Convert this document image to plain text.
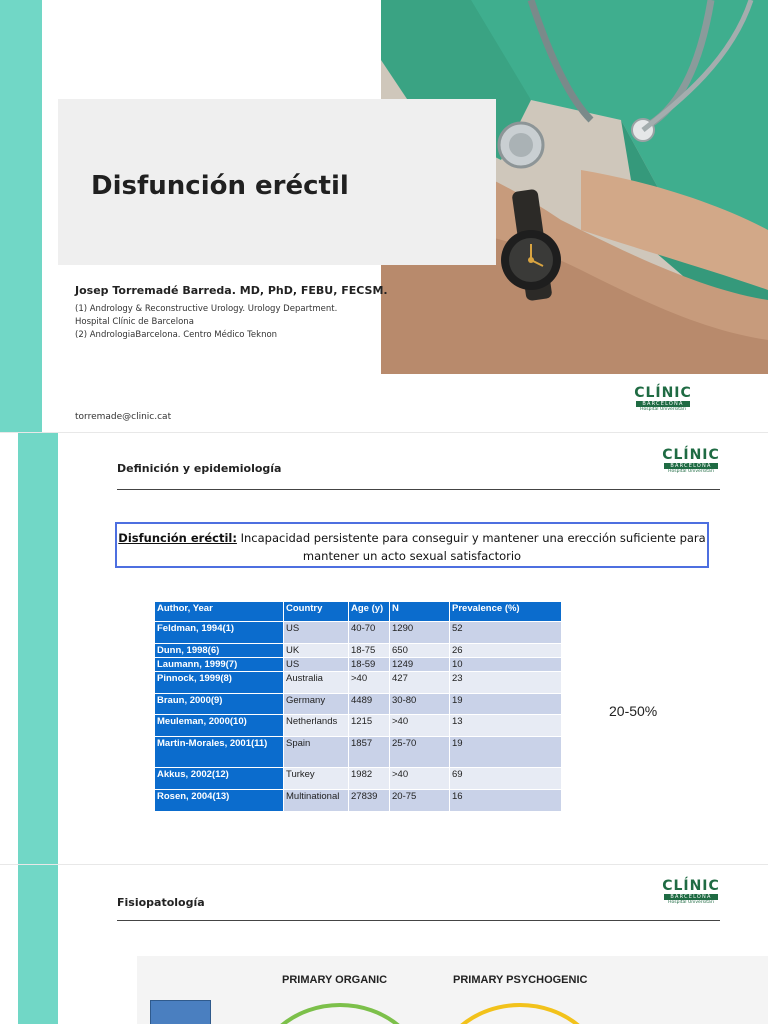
Disfunción eréctil
Josep Torremadé Barreda. MD, PhD, FEBU, FECSM.
(1) Andrology & Reconstructive Urology. Urology Department.
Hospital Clínic de Barcelona
(2) AndrologiaBarcelona. Centro Médico Teknon
torremade@clinic.cat
CLÍNIC
BARCELONA
Hospital Universitari
Definición y epidemiología
CLÍNIC
BARCELONA
Hospital Universitari
Disfunción eréctil: Incapacidad persistente para conseguir y mantener una erección suficiente para mantener un acto sexual satisfactorio
Author, Year	Country	Age (y)	N	Prevalence (%)
Feldman, 1994(1)	US	40-70	1290	52
Dunn, 1998(6)	UK	18-75	650	26
Laumann, 1999(7)	US	18-59	1249	10
Pinnock, 1999(8)	Australia	>40	427	23
Braun, 2000(9)	Germany	4489	30-80	19
Meuleman, 2000(10)	Netherlands	1215	>40	13
Martin-Morales, 2001(11)	Spain	1857	25-70	19
Akkus, 2002(12)	Turkey	1982	>40	69
Rosen, 2004(13)	Multinational	27839	20-75	16
20-50%
Fisiopatología
CLÍNIC
BARCELONA
Hospital Universitari
PRIMARY ORGANIC	PRIMARY PSYCHOGENIC
